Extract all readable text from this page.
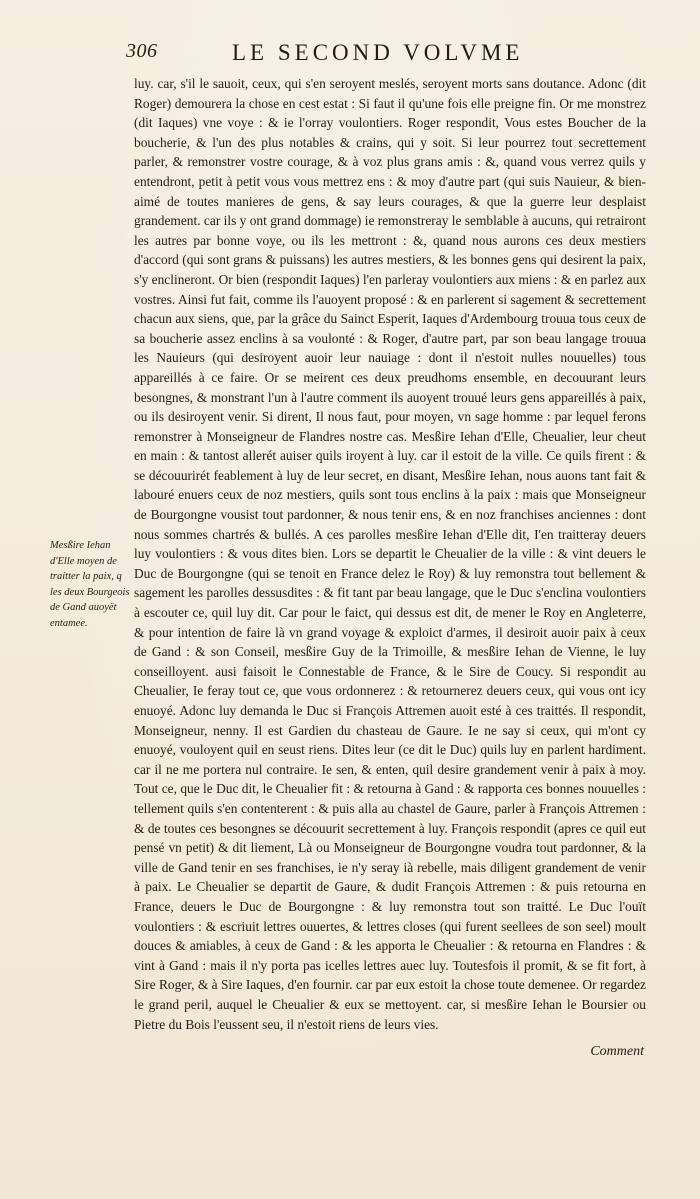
306	LE SECOND VOLVME
Mesßire Iehan d'Elle moyen de traitter la paix, q les deux Bourgeois de Gand auoyët entamee.
luy. car, s'il le sauoit, ceux, qui s'en seroyent meslés, seroyent morts sans doutance. Adonc (dit Roger) demourera la chose en cest estat : Si faut il qu'une fois elle preigne fin. Or me monstrez (dit Iaques) vne voye : & ie l'orray voulontiers. Roger respondit, Vous estes Boucher de la boucherie, & l'un des plus notables & crains, qui y soit. Si leur pourrez tout secrettement parler, & remonstrer vostre courage, & à voz plus grans amis : &, quand vous verrez quils y entendront, petit à petit vous vous mettrez ens : & moy d'autre part (qui suis Nauieur, & bien-aimé de toutes manieres de gens, & say leurs courages, & que la guerre leur desplaist grandement. car ils y ont grand dommage) ie remonstreray le semblable à aucuns, qui retrairont les autres par bonne voye, ou ils les mettront : &, quand nous aurons ces deux mestiers d'accord (qui sont grans & puissans) les autres mestiers, & les bonnes gens qui desirent la paix, s'y enclineront. Or bien (respondit Iaques) l'en parleray voulontiers aux miens : & en parlez aux vostres. Ainsi fut fait, comme ils l'auoyent proposé : & en parlerent si sagement & secrettement chacun aux siens, que, par la grâce du Sainct Esperit, Iaques d'Ardembourg trouua tous ceux de sa boucherie assez enclins à sa voulonté : & Roger, d'autre part, par son beau langage trouua les Nauieurs (qui desiroyent auoir leur nauiage : dont il n'estoit nulles nouuelles) tous appareillés à ce faire. Or se meirent ces deux preudhoms ensemble, en decouurant leurs besongnes, & monstrant l'un à l'autre comment ils auoyent trouué leurs gens appareillés à paix, ou ils desiroyent venir. Si dirent, Il nous faut, pour moyen, vn sage homme : par lequel ferons remonstrer à Monseigneur de Flandres nostre cas. Mesßire Iehan d'Elle, Cheualier, leur cheut en main : & tantost allerét auiser quils iroyent à luy. car il estoit de la ville. Ce quils firent : & se découurirét feablement à luy de leur secret, en disant, Mesßire Iehan, nous auons tant fait & labouré enuers ceux de noz mestiers, quils sont tous enclins à la paix : mais que Monseigneur de Bourgongne vousist tout pardonner, & nous tenir ens, & en noz franchises anciennes : dont nous sommes chartrés & bullés. A ces parolles mesßire Iehan d'Elle dit, I'en traitteray deuers luy voulontiers : & vous dites bien. Lors se departit le Cheualier de la ville : & vint deuers le Duc de Bourgongne (qui se tenoit en France delez le Roy) & luy remonstra tout bellement & sagement les parolles dessusdites : & fit tant par beau langage, que le Duc s'enclina voulontiers à escouter ce, quil luy dit. Car pour le faict, qui dessus est dit, de mener le Roy en Angleterre, & pour intention de faire là vn grand voyage & exploict d'armes, il desiroit auoir paix à ceux de Gand : & son Conseil, mesßire Guy de la Trimoille, & mesßire Iehan de Vienne, le luy conseilloyent. ausi faisoit le Connestable de France, & le Sire de Coucy. Si respondit au Cheualier, Ie feray tout ce, que vous ordonnerez : & retournerez deuers ceux, qui vous ont icy enuoyé. Adonc luy demanda le Duc si François Attremen auoit esté à ces traittés. Il respondit, Monseigneur, nenny. Il est Gardien du chasteau de Gaure. Ie ne say si ceux, qui m'ont cy enuoyé, vouloyent quil en seust riens. Dites leur (ce dit le Duc) quils luy en parlent hardiment. car il ne me portera nul contraire. Ie sen, & enten, quil desire grandement venir à paix à moy. Tout ce, que le Duc dit, le Cheualier fit : & retourna à Gand : & rapporta ces bonnes nouuelles : tellement quils s'en contenterent : & puis alla au chastel de Gaure, parler à François Attremen : & de toutes ces besongnes se découurit secrettement à luy. François respondit (apres ce quil eut pensé vn petit) & dit liement, Là ou Monseigneur de Bourgongne voudra tout pardonner, & la ville de Gand tenir en ses franchises, ie n'y seray ià rebelle, mais diligent grandement de venir à paix. Le Cheualier se departit de Gaure, & dudit François Attremen : & puis retourna en France, deuers le Duc de Bourgongne : & luy remonstra tout son traitté. Le Duc l'ouït voulontiers : & escriuit lettres ouuertes, & lettres closes (qui furent seellees de son seel) moult douces & amiables, à ceux de Gand : & les apporta le Cheualier : & retourna en Flandres : & vint à Gand : mais il n'y porta pas icelles lettres auec luy. Toutesfois il promit, & se fit fort, à Sire Roger, & à Sire Iaques, d'en fournir. car par eux estoit la chose toute demenee. Or regardez le grand peril, auquel le Cheualier & eux se mettoyent. car, si mesßire Iehan le Boursier ou Pietre du Bois l'eussent seu, il n'estoit riens de leurs vies.
Comment
